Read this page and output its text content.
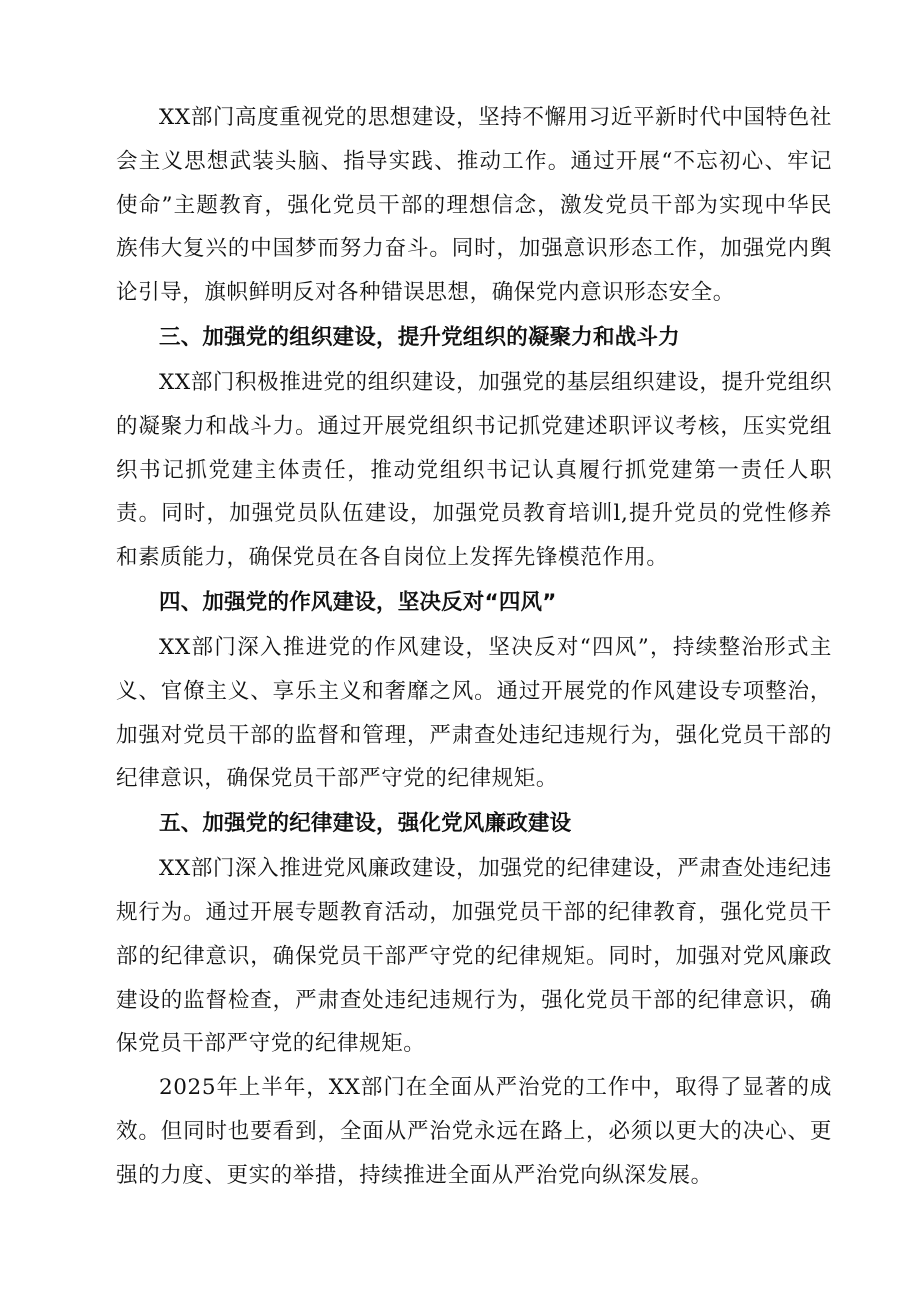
XX部门高度重视党的思想建设，坚持不懈用习近平新时代中国特色社会主义思想武装头脑、指导实践、推动工作。通过开展“不忘初心、牢记使命”主题教育，强化党员干部的理想信念，激发党员干部为实现中华民族伟大复兴的中国梦而努力奋斗。同时，加强意识形态工作，加强党内舆论引导，旗帜鲜明反对各种错误思想，确保党内意识形态安全。

三、加强党的组织建设，提升党组织的凝聚力和战斗力

XX部门积极推进党的组织建设，加强党的基层组织建设，提升党组织的凝聚力和战斗力。通过开展党组织书记抓党建述职评议考核，压实党组织书记抓党建主体责任，推动党组织书记认真履行抓党建第一责任人职责。同时，加强党员队伍建设，加强党员教育培训l,提升党员的党性修养和素质能力，确保党员在各自岗位上发挥先锋模范作用。

四、加强党的作风建设，坚决反对“四风”

XX部门深入推进党的作风建设，坚决反对“四风”，持续整治形式主义、官僚主义、享乐主义和奢靡之风。通过开展党的作风建设专项整治，加强对党员干部的监督和管理，严肃查处违纪违规行为，强化党员干部的纪律意识，确保党员干部严守党的纪律规矩。

五、加强党的纪律建设，强化党风廉政建设

XX部门深入推进党风廉政建设，加强党的纪律建设，严肃查处违纪违规行为。通过开展专题教育活动，加强党员干部的纪律教育，强化党员干部的纪律意识，确保党员干部严守党的纪律规矩。同时，加强对党风廉政建设的监督检查，严肃查处违纪违规行为，强化党员干部的纪律意识，确保党员干部严守党的纪律规矩。

2025年上半年，XX部门在全面从严治党的工作中，取得了显著的成效。但同时也要看到，全面从严治党永远在路上，必须以更大的决心、更强的力度、更实的举措，持续推进全面从严治党向纵深发展。
